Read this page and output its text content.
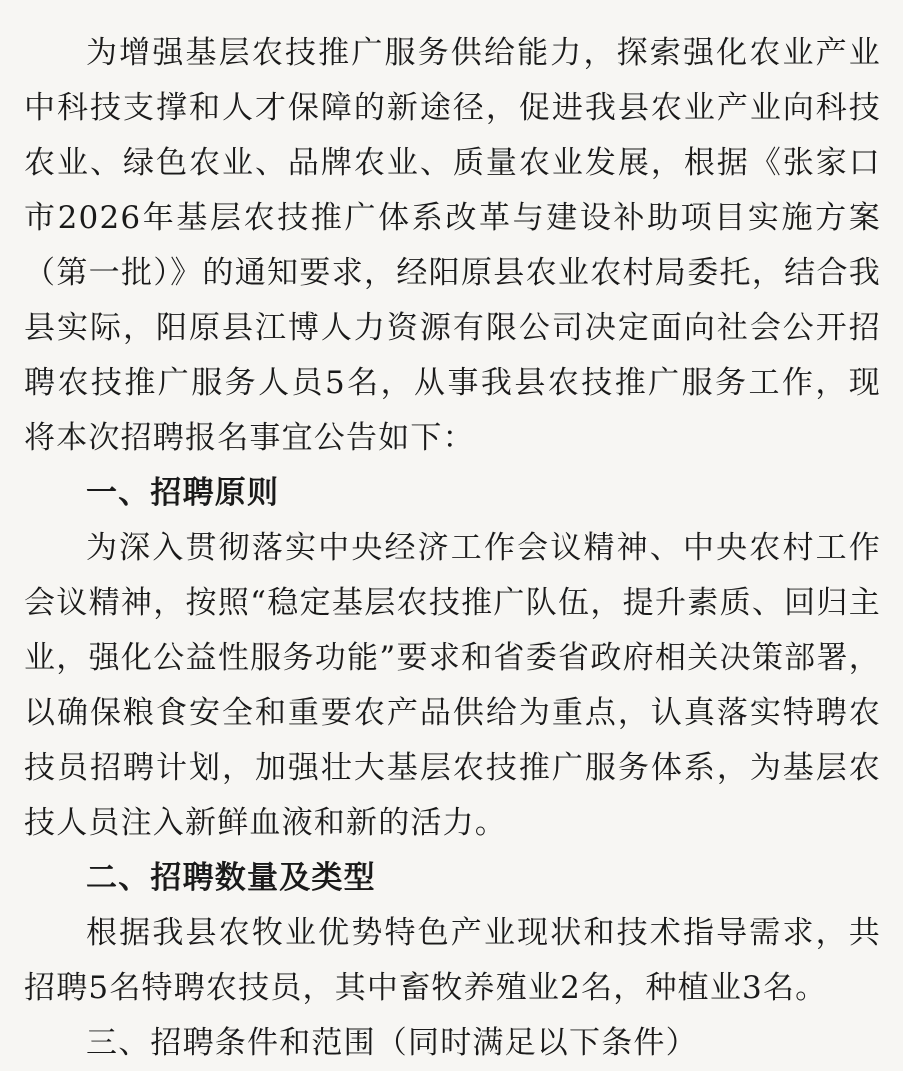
为增强基层农技推广服务供给能力，探索强化农业产业中科技支撑和人才保障的新途径，促进我县农业产业向科技农业、绿色农业、品牌农业、质量农业发展，根据《张家口市2026年基层农技推广体系改革与建设补助项目实施方案（第一批）》的通知要求，经阳原县农业农村局委托，结合我县实际，阳原县江博人力资源有限公司决定面向社会公开招聘农技推广服务人员5名，从事我县农技推广服务工作，现将本次招聘报名事宜公告如下：

一、招聘原则

为深入贯彻落实中央经济工作会议精神、中央农村工作会议精神，按照“稳定基层农技推广队伍，提升素质、回归主业，强化公益性服务功能”要求和省委省政府相关决策部署，以确保粮食安全和重要农产品供给为重点，认真落实特聘农技员招聘计划，加强壮大基层农技推广服务体系，为基层农技人员注入新鲜血液和新的活力。

二、招聘数量及类型

根据我县农牧业优势特色产业现状和技术指导需求，共招聘5名特聘农技员，其中畜牧养殖业2名，种植业3名。

三、招聘条件和范围（同时满足以下条件）
